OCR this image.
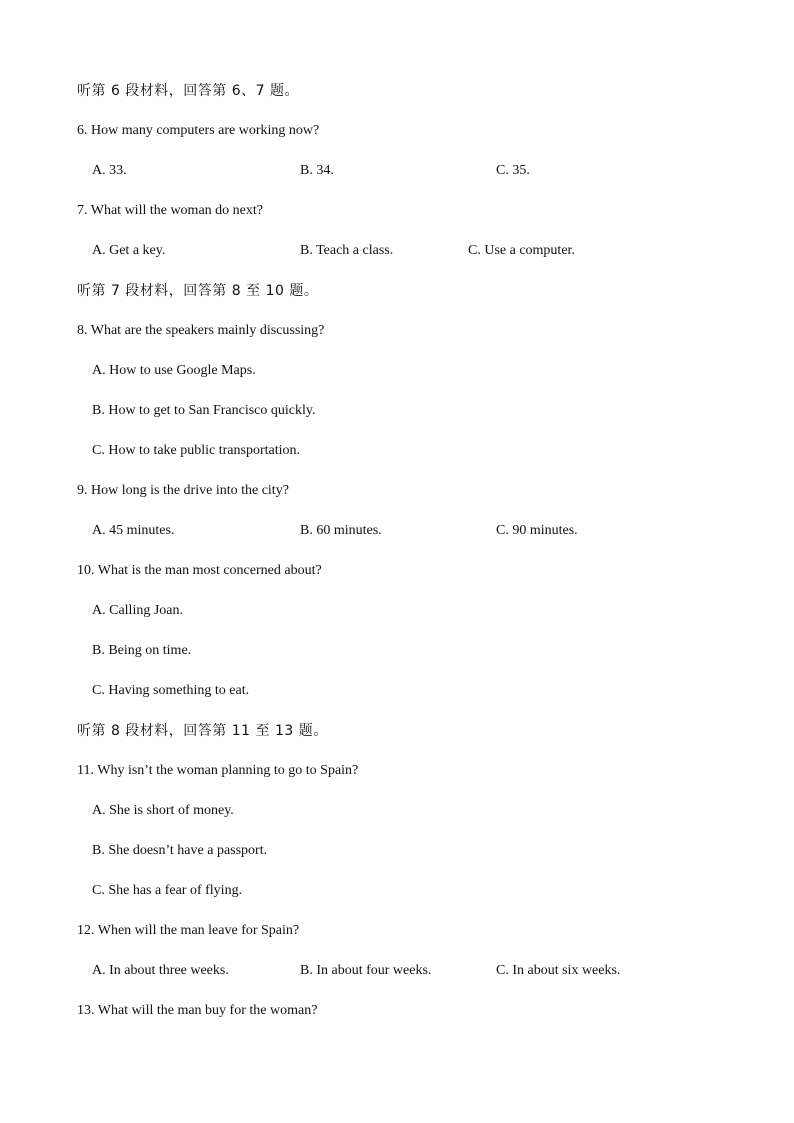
听第 6 段材料，回答第 6、7 题。
6. How many computers are working now?
A. 33.	B. 34.	C. 35.
7. What will the woman do next?
A. Get a key.	B. Teach a class.	C. Use a computer.
听第 7 段材料，回答第 8 至 10 题。
8. What are the speakers mainly discussing?
A. How to use Google Maps.
B. How to get to San Francisco quickly.
C. How to take public transportation.
9. How long is the drive into the city?
A. 45 minutes.	B. 60 minutes.	C. 90 minutes.
10. What is the man most concerned about?
A. Calling Joan.
B. Being on time.
C. Having something to eat.
听第 8 段材料，回答第 11 至 13 题。
11. Why isn’t the woman planning to go to Spain?
A. She is short of money.
B. She doesn’t have a passport.
C. She has a fear of flying.
12. When will the man leave for Spain?
A. In about three weeks.	B. In about four weeks.	C. In about six weeks.
13. What will the man buy for the woman?
